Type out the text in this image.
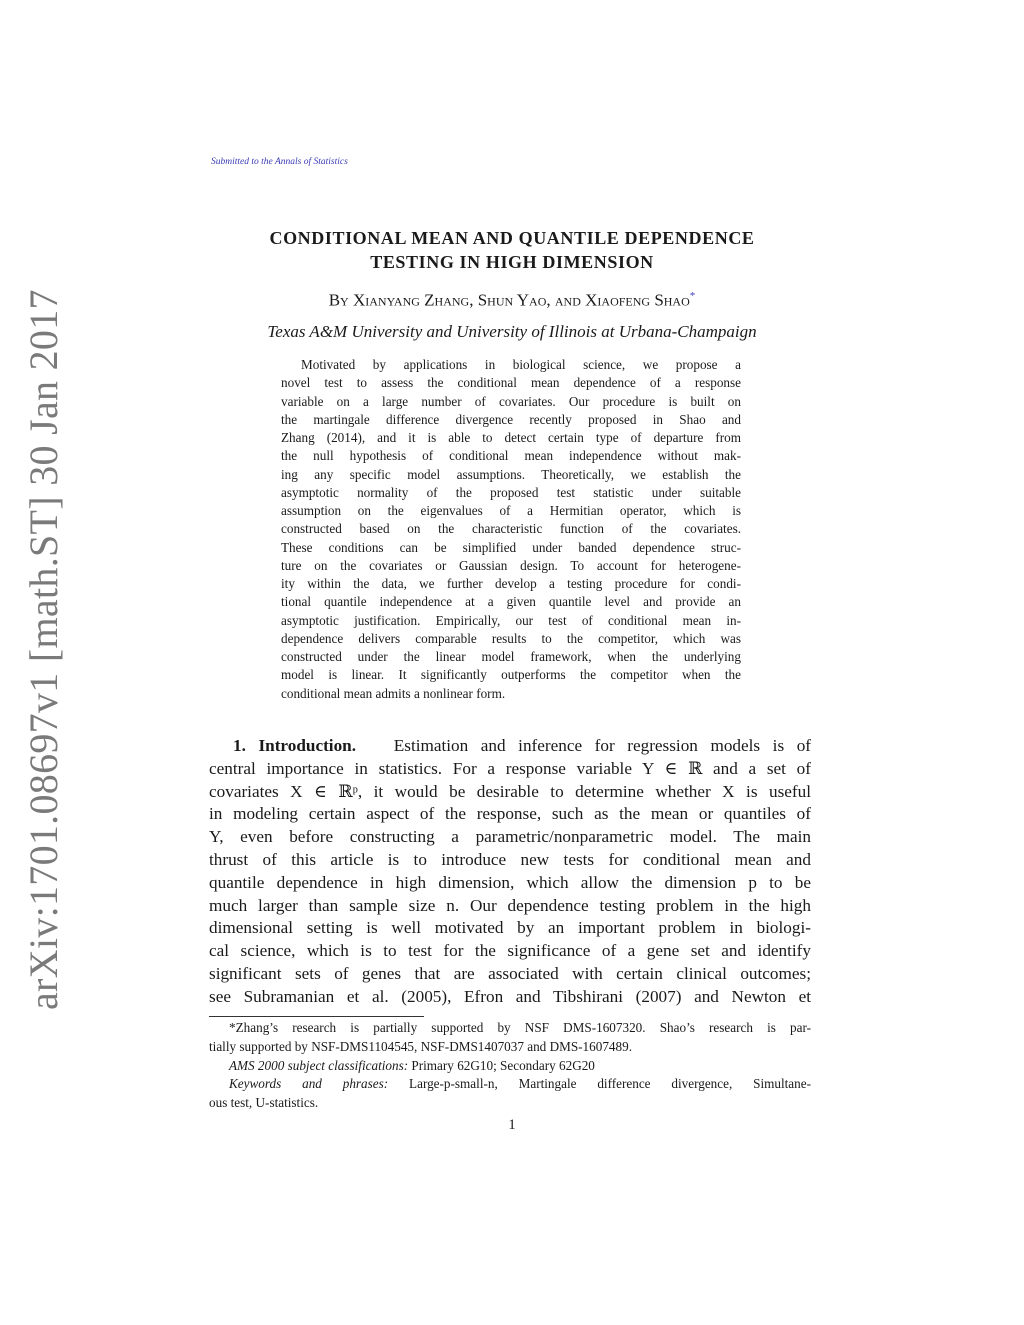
arXiv:1701.08697v1 [math.ST] 30 Jan 2017
Submitted to the Annals of Statistics
CONDITIONAL MEAN AND QUANTILE DEPENDENCE
TESTING IN HIGH DIMENSION
By Xianyang Zhang, Shun Yao, and Xiaofeng Shao*
Texas A&M University and University of Illinois at Urbana-Champaign
Motivated by applications in biological science, we propose a
novel test to assess the conditional mean dependence of a response
variable on a large number of covariates. Our procedure is built on
the martingale difference divergence recently proposed in Shao and
Zhang (2014), and it is able to detect certain type of departure from
the null hypothesis of conditional mean independence without mak-
ing any specific model assumptions. Theoretically, we establish the
asymptotic normality of the proposed test statistic under suitable
assumption on the eigenvalues of a Hermitian operator, which is
constructed based on the characteristic function of the covariates.
These conditions can be simplified under banded dependence struc-
ture on the covariates or Gaussian design. To account for heterogene-
ity within the data, we further develop a testing procedure for condi-
tional quantile independence at a given quantile level and provide an
asymptotic justification. Empirically, our test of conditional mean in-
dependence delivers comparable results to the competitor, which was
constructed under the linear model framework, when the underlying
model is linear. It significantly outperforms the competitor when the
conditional mean admits a nonlinear form.
1. Introduction. Estimation and inference for regression models is of
central importance in statistics. For a response variable Y ∈ ℝ and a set of
covariates X ∈ ℝᵖ, it would be desirable to determine whether X is useful
in modeling certain aspect of the response, such as the mean or quantiles of
Y, even before constructing a parametric/nonparametric model. The main
thrust of this article is to introduce new tests for conditional mean and
quantile dependence in high dimension, which allow the dimension p to be
much larger than sample size n. Our dependence testing problem in the high
dimensional setting is well motivated by an important problem in biologi-
cal science, which is to test for the significance of a gene set and identify
significant sets of genes that are associated with certain clinical outcomes;
see Subramanian et al. (2005), Efron and Tibshirani (2007) and Newton et
*Zhang’s research is partially supported by NSF DMS-1607320. Shao’s research is par-
tially supported by NSF-DMS1104545, NSF-DMS1407037 and DMS-1607489.
AMS 2000 subject classifications: Primary 62G10; Secondary 62G20
Keywords and phrases: Large-p-small-n, Martingale difference divergence, Simultane-
ous test, U-statistics.
1
